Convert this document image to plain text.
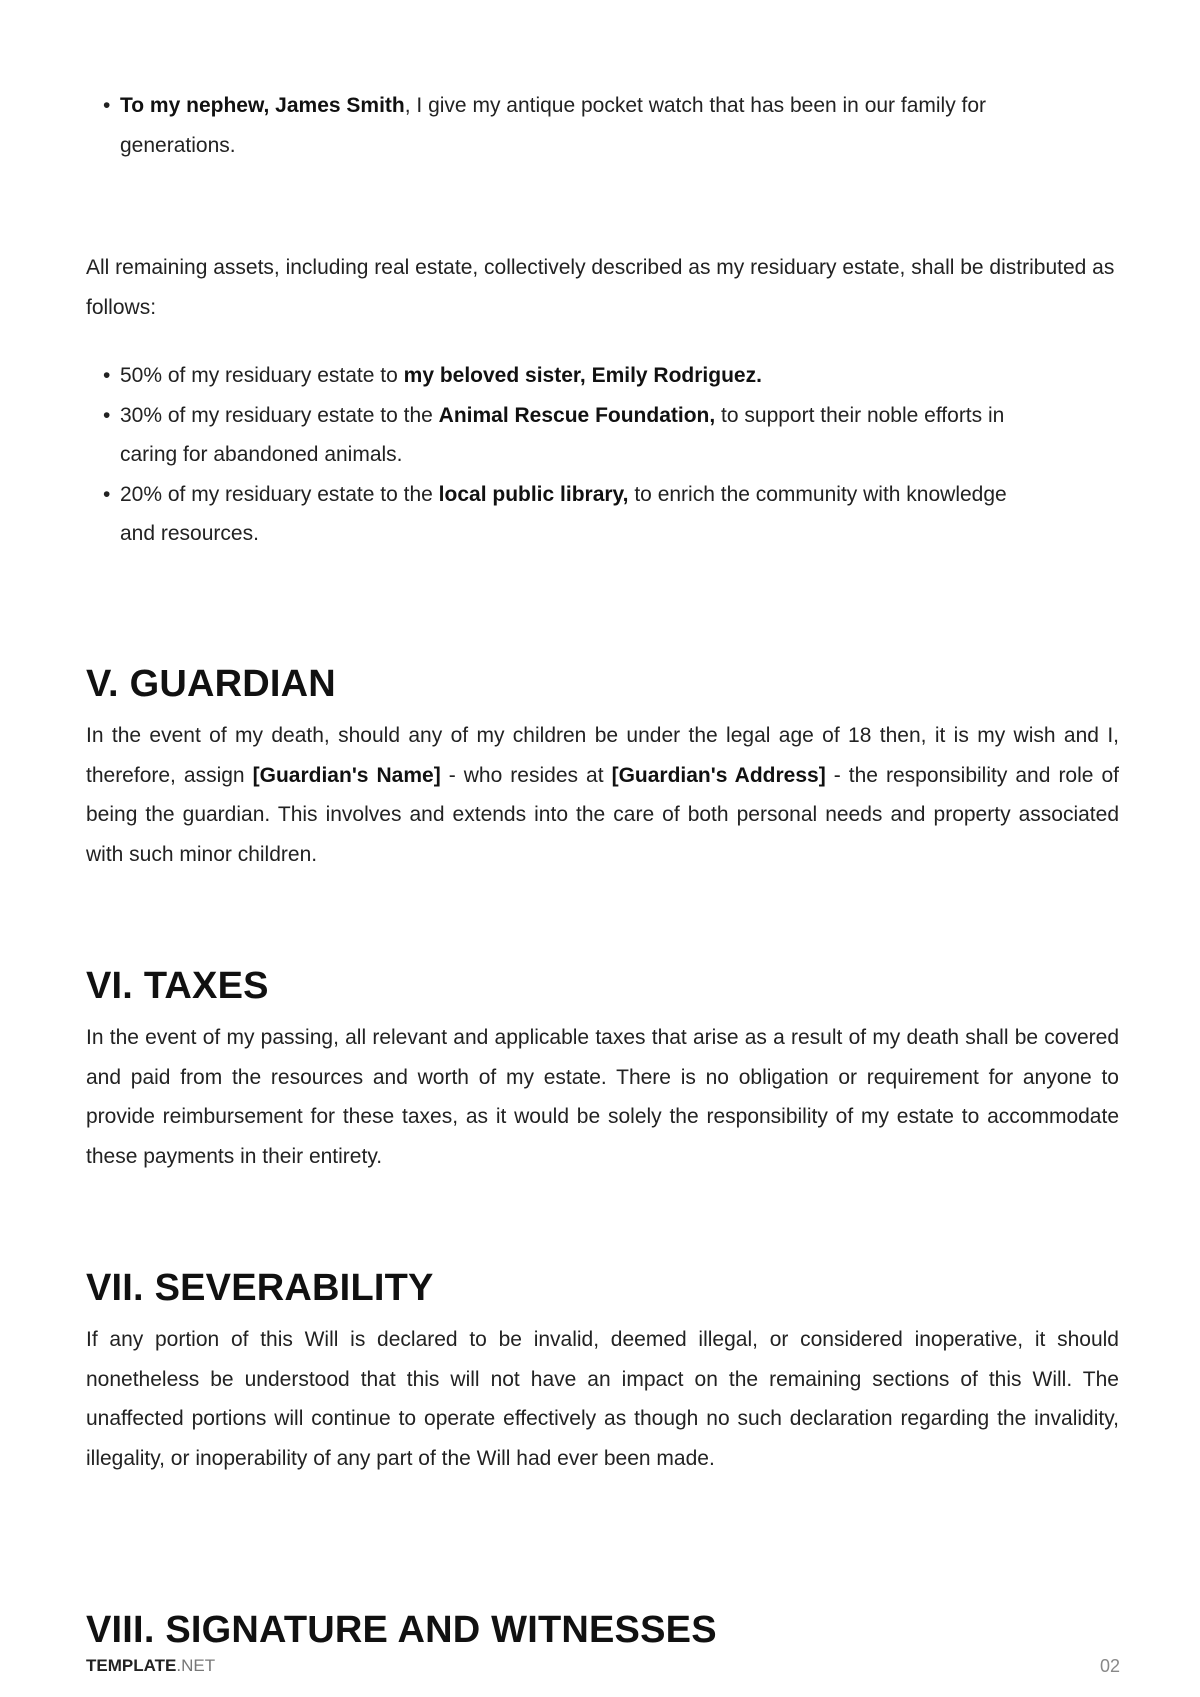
• To my nephew, James Smith, I give my antique pocket watch that has been in our family for generations.

All remaining assets, including real estate, collectively described as my residuary estate, shall be distributed as follows:

• 50% of my residuary estate to my beloved sister, Emily Rodriguez.
• 30% of my residuary estate to the Animal Rescue Foundation, to support their noble efforts in caring for abandoned animals.
• 20% of my residuary estate to the local public library, to enrich the community with knowledge and resources.
V. GUARDIAN

In the event of my death, should any of my children be under the legal age of 18 then, it is my wish and I, therefore, assign [Guardian's Name] - who resides at [Guardian's Address] - the responsibility and role of being the guardian. This involves and extends into the care of both personal needs and property associated with such minor children.

VI. TAXES

In the event of my passing, all relevant and applicable taxes that arise as a result of my death shall be covered and paid from the resources and worth of my estate. There is no obligation or requirement for anyone to provide reimbursement for these taxes, as it would be solely the responsibility of my estate to accommodate these payments in their entirety.

VII. SEVERABILITY

If any portion of this Will is declared to be invalid, deemed illegal, or considered inoperative, it should nonetheless be understood that this will not have an impact on the remaining sections of this Will. The unaffected portions will continue to operate effectively as though no such declaration regarding the invalidity, illegality, or inoperability of any part of the Will had ever been made.

VIII. SIGNATURE AND WITNESSES
TEMPLATE.NET	02
